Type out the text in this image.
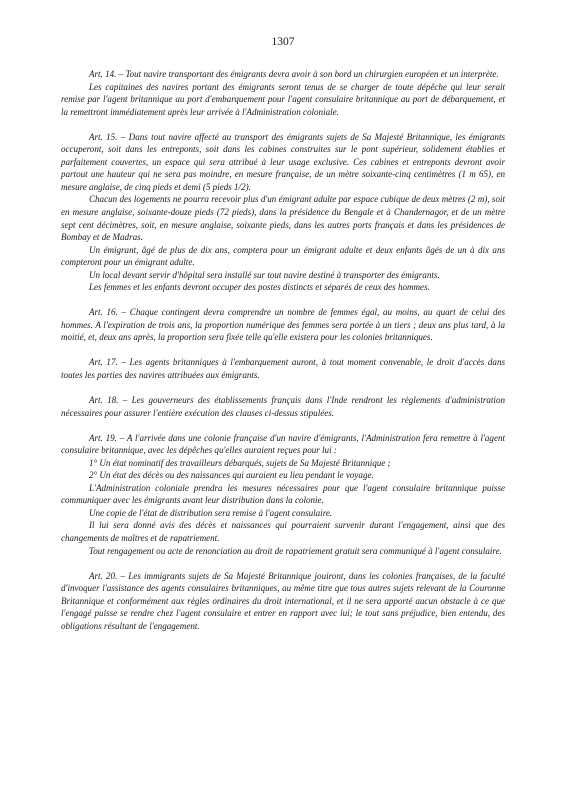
1307

Art. 14. – Tout navire transportant des émigrants devra avoir à son bord un chirurgien européen et un interprète.

Les capitaines des navires portant des émigrants seront tenus de se charger de toute dépêche qui leur serait remise par l'agent britannique au port d'embarquement pour l'agent consulaire britannique au port de débarquement, et la remettront immédiatement après leur arrivée à l'Administration coloniale.

Art. 15. – Dans tout navire affecté au transport des émigrants sujets de Sa Majesté Britannique, les émigrants occuperont, soit dans les entreponts, soit dans les cabines construites sur le pont supérieur, solidement établies et parfaitement couvertes, un espace qui sera attribué à leur usage exclusive. Ces cabines et entreponts devront avoir partout une hauteur qui ne sera pas moindre, en mesure française, de un mètre soixante-cinq centimètres (1 m 65), en mesure anglaise, de cinq pieds et demi (5 pieds 1/2).

Chacun des logements ne pourra recevoir plus d'un émigrant adulte par espace cubique de deux mètres (2 m), soit en mesure anglaise, soixante-douze pieds (72 pieds), dans la présidence du Bengale et à Chandernagor, et de un mètre sept cent décimètres, soit, en mesure anglaise, soixante pieds, dans les autres ports français et dans les présidences de Bombay et de Madras.

Un émigrant, âgé de plus de dix ans, comptera pour un émigrant adulte et deux enfants âgés de un à dix ans compteront pour un émigrant adulte.

Un local devant servir d'hôpital sera installé sur tout navire destiné à transporter des émigrants.

Les femmes et les enfants devront occuper des postes distincts et séparés de ceux des hommes.

Art. 16. – Chaque contingent devra comprendre un nombre de femmes égal, au moins, au quart de celui des hommes. A l'expiration de trois ans, la proportion numérique des femmes sera portée à un tiers ; deux ans plus tard, à la moitié, et, deux ans après, la proportion sera fixée telle qu'elle existera pour les colonies britanniques.

Art. 17. – Les agents britanniques à l'embarquement auront, à tout moment convenable, le droit d'accès dans toutes les parties des navires attribuées aux émigrants.

Art. 18. – Les gouverneurs des établissements français dans l'Inde rendront les règlements d'administration nécessaires pour assurer l'entière exécution des clauses ci-dessus stipulées.

Art. 19. – A l'arrivée dans une colonie française d'un navire d'émigrants, l'Administration fera remettre à l'agent consulaire britannique, avec les dépêches qu'elles auraient reçues pour lui :

1° Un état nominatif des travailleurs débarqués, sujets de Sa Majesté Britannique ;

2° Un état des décès ou des naissances qui auraient eu lieu pendant le voyage.

L'Administration coloniale prendra les mesures nécessaires pour que l'agent consulaire britannique puisse communiquer avec les émigrants avant leur distribution dans la colonie.

Une copie de l'état de distribution sera remise à l'agent consulaire.

Il lui sera donné avis des décès et naissances qui pourraient survenir durant l'engagement, ainsi que des changements de maîtres et de rapatriement.

Tout rengagement ou acte de renonciation au droit de rapatriement gratuit sera communiqué à l'agent consulaire.

Art. 20. – Les immigrants sujets de Sa Majesté Britannique jouiront, dans les colonies françaises, de la faculté d'invoquer l'assistance des agents consulaires britanniques, au même titre que tous autres sujets relevant de la Couronne Britannique et conformément aux règles ordinaires du droit international, et il ne sera apporté aucun obstacle à ce que l'engagé puisse se rendre chez l'agent consulaire et entrer en rapport avec lui; le tout sans préjudice, bien entendu, des obligations résultant de l'engagement.
